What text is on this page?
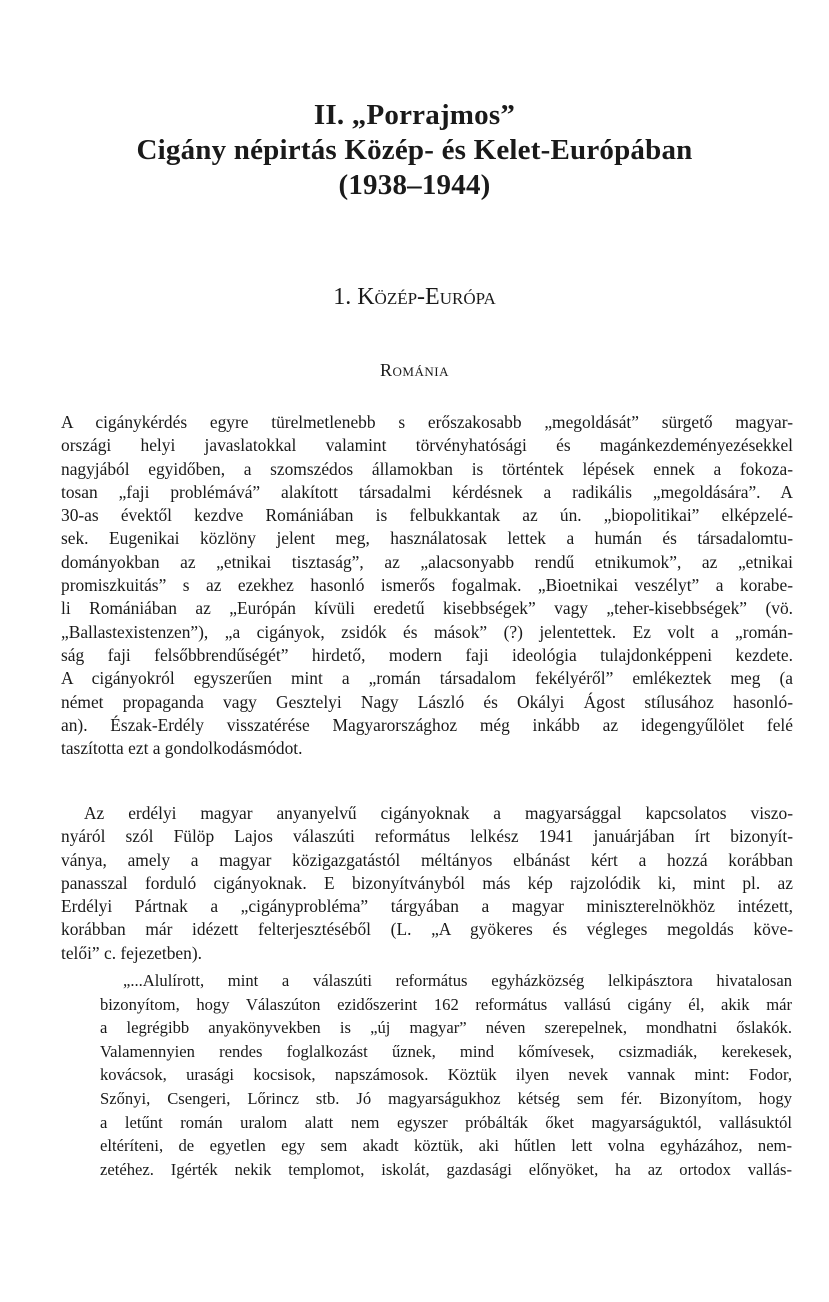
II. „Porrajmos”
Cigány népirtás Közép- és Kelet-Európában
(1938–1944)
1. Közép-Európa
Románia
A cigánykérdés egyre türelmetlenebb s erőszakosabb „megoldását” sürgető magyar-
országi helyi javaslatokkal valamint törvényhatósági és magánkezdeményezésekkel
nagyjából egyidőben, a szomszédos államokban is történtek lépések ennek a fokoza-
tosan „faji problémává” alakított társadalmi kérdésnek a radikális „megoldására”. A
30-as évektől kezdve Romániában is felbukkantak az ún. „biopolitikai” elképzelé-
sek. Eugenikai közlöny jelent meg, használatosak lettek a humán és társadalomtu-
dományokban az „etnikai tisztaság”, az „alacsonyabb rendű etnikumok”, az „etnikai
promiszkuitás” s az ezekhez hasonló ismerős fogalmak. „Bioetnikai veszélyt” a korabe-
li Romániában az „Európán kívüli eredetű kisebbségek” vagy „teher-kisebbségek” (vö.
„Ballastexistenzen”), „a cigányok, zsidók és mások” (?) jelentettek. Ez volt a „román-
ság faji felsőbbrendűségét” hirdető, modern faji ideológia tulajdonképpeni kezdete.
A cigányokról egyszerűen mint a „román társadalom fekélyéről” emlékeztek meg (a
német propaganda vagy Gesztelyi Nagy László és Okályi Ágost stílusához hasonló-
an). Észak-Erdély visszatérése Magyarországhoz még inkább az idegengyűlölet felé
taszította ezt a gondolkodásmódot.
Az erdélyi magyar anyanyelvű cigányoknak a magyarsággal kapcsolatos viszo-
nyáról szól Fülöp Lajos válaszúti református lelkész 1941 januárjában írt bizonyít-
ványa, amely a magyar közigazgatástól méltányos elbánást kért a hozzá korábban
panasszal forduló cigányoknak. E bizonyítványból más kép rajzolódik ki, mint pl. az
Erdélyi Pártnak a „cigányprobléma” tárgyában a magyar miniszterelnökhöz intézett,
korábban már idézett felterjesztéséből (L. „A gyökeres és végleges megoldás köve-
telői” c. fejezetben).
„...Alulírott, mint a válaszúti református egyházközség lelkipásztora hivatalosan
bizonyítom, hogy Válaszúton ezidőszerint 162 református vallású cigány él, akik már
a legrégibb anyakönyvekben is „új magyar” néven szerepelnek, mondhatni őslakók.
Valamennyien rendes foglalkozást űznek, mind kőmívesek, csizmadiák, kerekesek,
kovácsok, urasági kocsisok, napszámosok. Köztük ilyen nevek vannak mint: Fodor,
Szőnyi, Csengeri, Lőrincz stb. Jó magyarságukhoz kétség sem fér. Bizonyítom, hogy
a letűnt román uralom alatt nem egyszer próbálták őket magyarságuktól, vallásuktól
eltéríteni, de egyetlen egy sem akadt köztük, aki hűtlen lett volna egyházához, nem-
zetéhez. Igérték nekik templomot, iskolát, gazdasági előnyöket, ha az ortodox vallás-
